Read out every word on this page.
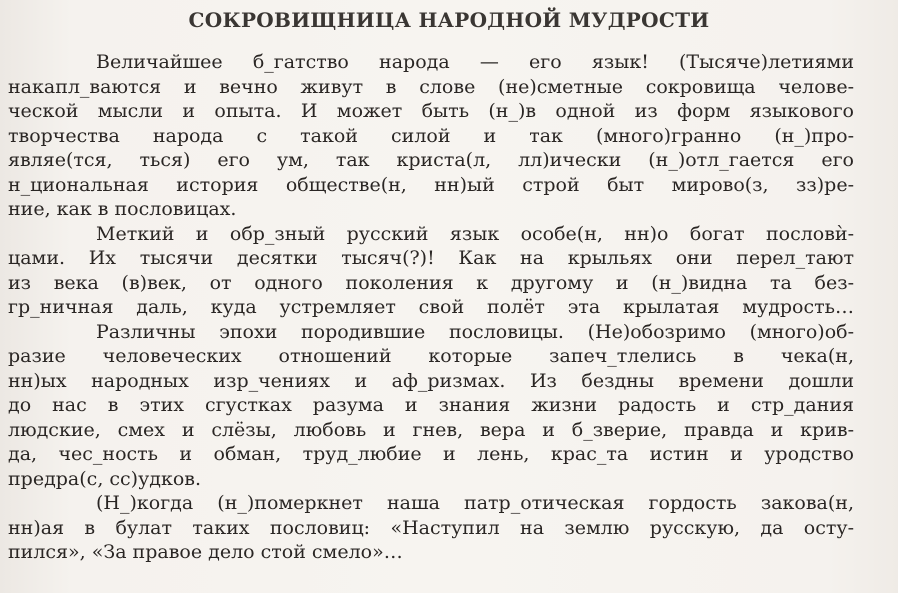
СОКРОВИЩНИЦА НАРОДНОЙ МУДРОСТИ
Величайшее б_гатство народа — его язык! (Тысяче)летиями
накапл_ваются и вечно живут в слове (не)сметные сокровища челове-
ческой мысли и опыта. И может быть (н_)в одной из форм языкового
творчества народа с такой силой и так (много)гранно (н_)про-
являе(тся, ться) его ум, так криста(л, лл)ически (н_)отл_гается его
н_циональная история обществе(н, нн)ый строй быт мирово(з, зз)ре-
ние, как в пословицах.
Меткий и обр_зный русский язык особе(н, нн)о богат пословѝ-
цами. Их тысячи десятки тысяч(?)! Как на крыльях они перел_тают
из века (в)век, от одного поколения к другому и (н_)видна та без-
гр_ничная даль, куда устремляет свой полёт эта крылатая мудрость…
Различны эпохи породившие пословицы. (Не)обозримо (много)об-
разие человеческих отношений которые запеч_тлелись в чека(н,
нн)ых народных изр_чениях и аф_ризмах. Из бездны времени дошли
до нас в этих сгустках разума и знания жизни радость и стр_дания
людские, смех и слёзы, любовь и гнев, вера и б_зверие, правда и крив-
да, чес_ность и обман, труд_любие и лень, крас_та истин и уродство
предра(с, сс)удков.
(Н_)когда (н_)померкнет наша патр_отическая гордость закова(н,
нн)ая в булат таких пословиц: «Наступил на землю русскую, да осту-
пился», «За правое дело стой смело»…
